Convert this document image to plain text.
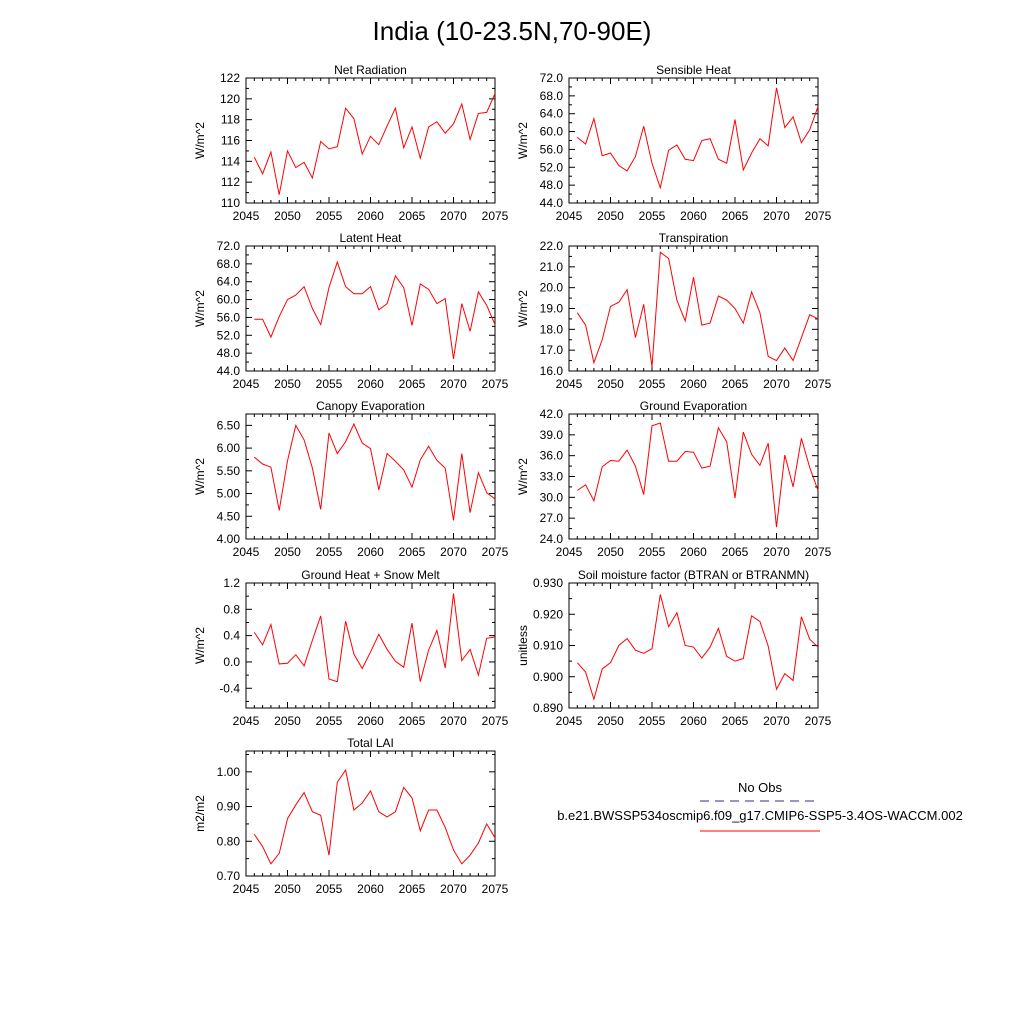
India (10-23.5N,70-90E)
Net Radiation
2045 2050 2055 2060 2065 2070 2075
110
112
114
116
118
120
122
W/m^2
Sensible Heat
2045 2050 2055 2060 2065 2070 2075
44.0
48.0
52.0
56.0
60.0
64.0
68.0
72.0
W/m^2
Latent Heat
2045 2050 2055 2060 2065 2070 2075
44.0
48.0
52.0
56.0
60.0
64.0
68.0
72.0
W/m^2
Transpiration
2045 2050 2055 2060 2065 2070 2075
16.0
17.0
18.0
19.0
20.0
21.0
22.0
W/m^2
Canopy Evaporation
2045 2050 2055 2060 2065 2070 2075
4.00
4.50
5.00
5.50
6.00
6.50
W/m^2
Ground Evaporation
2045 2050 2055 2060 2065 2070 2075
24.0
27.0
30.0
33.0
36.0
39.0
42.0
W/m^2
Ground Heat + Snow Melt
2045 2050 2055 2060 2065 2070 2075
-0.4
0.0
0.4
0.8
1.2
W/m^2
Soil moisture factor (BTRAN or BTRANMN)
2045 2050 2055 2060 2065 2070 2075
0.890
0.900
0.910
0.920
0.930
unitless
Total LAI
2045 2050 2055 2060 2065 2070 2075
0.70
0.80
0.90
1.00
m2/m2
No Obs
b.e21.BWSSP534oscmip6.f09_g17.CMIP6-SSP5-3.4OS-WACCM.002
